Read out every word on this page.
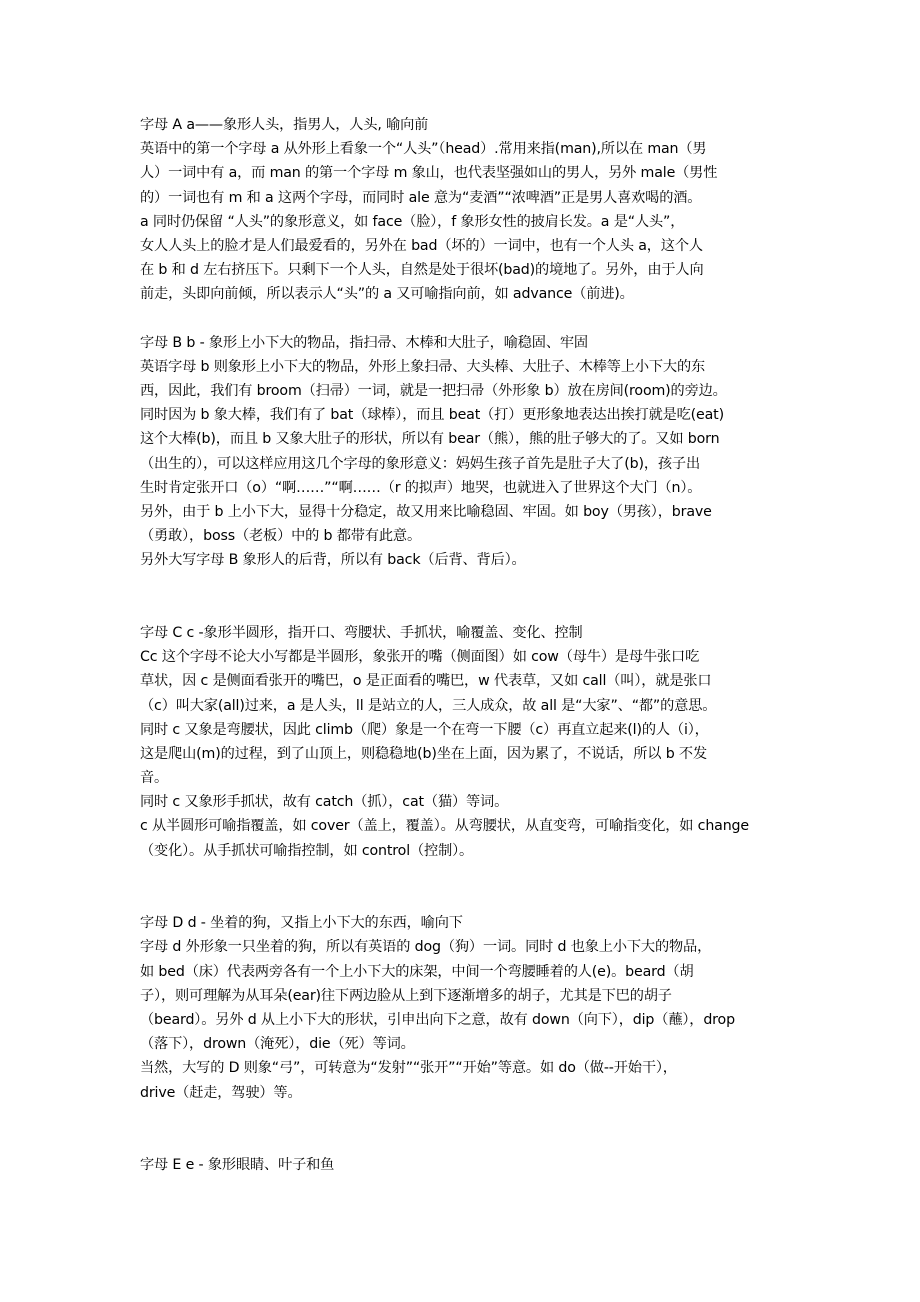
字母 A a——象形人头，指男人，人头, 喻向前
英语中的第一个字母 a 从外形上看象一个“人头”（head）.常用来指(man),所以在 man（男
人）一词中有 a，而 man 的第一个字母 m 象山，也代表坚强如山的男人，另外 male（男性
的）一词也有 m 和 a 这两个字母，而同时 ale 意为“麦酒”“浓啤酒”正是男人喜欢喝的酒。
a 同时仍保留 “人头”的象形意义，如 face（脸），f 象形女性的披肩长发。a 是“人头”，
女人人头上的脸才是人们最爱看的，另外在 bad（坏的）一词中，也有一个人头 a，这个人
在 b 和 d 左右挤压下。只剩下一个人头，自然是处于很坏(bad)的境地了。另外，由于人向
前走，头即向前倾，所以表示人“头”的 a 又可喻指向前，如 advance（前进)。
字母 B b - 象形上小下大的物品，指扫帚、木棒和大肚子，喻稳固、牢固
英语字母 b 则象形上小下大的物品，外形上象扫帚、大头棒、大肚子、木棒等上小下大的东
西，因此，我们有 broom（扫帚）一词，就是一把扫帚（外形象 b）放在房间(room)的旁边。
同时因为 b 象大棒，我们有了 bat（球棒），而且 beat（打）更形象地表达出挨打就是吃(eat)
这个大棒(b)，而且 b 又象大肚子的形状，所以有 bear（熊），熊的肚子够大的了。又如 born
（出生的），可以这样应用这几个字母的象形意义：妈妈生孩子首先是肚子大了(b)，孩子出
生时肯定张开口（o）“啊……”“啊……（r 的拟声）地哭，也就进入了世界这个大门（n）。
另外，由于 b 上小下大，显得十分稳定，故又用来比喻稳固、牢固。如 boy（男孩），brave
（勇敢），boss（老板）中的 b 都带有此意。
另外大写字母 B 象形人的后背，所以有 back（后背、背后）。
字母 C c -象形半圆形，指开口、弯腰状、手抓状，喻覆盖、变化、控制
Cc 这个字母不论大小写都是半圆形，象张开的嘴（侧面图）如 cow（母牛）是母牛张口吃
草状，因 c 是侧面看张开的嘴巴，o 是正面看的嘴巴，w 代表草，又如 call（叫），就是张口
（c）叫大家(all)过来，a 是人头，ll 是站立的人，三人成众，故 all 是“大家”、“都”的意思。
同时 c 又象是弯腰状，因此 climb（爬）象是一个在弯一下腰（c）再直立起来(l)的人（i），
这是爬山(m)的过程，到了山顶上，则稳稳地(b)坐在上面，因为累了，不说话，所以 b 不发
音。
同时 c 又象形手抓状，故有 catch（抓），cat（猫）等词。
c 从半圆形可喻指覆盖，如 cover（盖上，覆盖）。从弯腰状，从直变弯，可喻指变化，如 change
（变化）。从手抓状可喻指控制，如 control（控制）。
字母 D d - 坐着的狗，又指上小下大的东西，喻向下
字母 d 外形象一只坐着的狗，所以有英语的 dog（狗）一词。同时 d 也象上小下大的物品，
如 bed（床）代表两旁各有一个上小下大的床架，中间一个弯腰睡着的人(e)。beard（胡
子），则可理解为从耳朵(ear)往下两边脸从上到下逐渐增多的胡子，尤其是下巴的胡子
（beard）。另外 d 从上小下大的形状，引申出向下之意，故有 down（向下），dip（蘸），drop
（落下），drown（淹死），die（死）等词。
当然，大写的 D 则象“弓”，可转意为“发射”“张开”“开始”等意。如 do（做--开始干），
drive（赶走，驾驶）等。
字母 E e - 象形眼睛、叶子和鱼
